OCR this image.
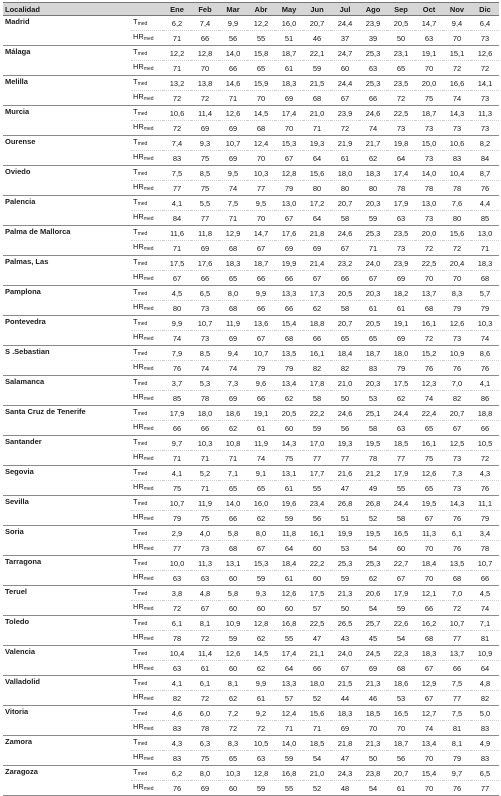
Localidad		Ene	Feb	Mar	Abr	May	Jun	Jul	Ago	Sep	Oct	Nov	Dic
Madrid	$T_{med}$	6,2	7,4	9,9	12,2	16,0	20,7	24,4	23,9	20,5	14,7	9,4	6,4
	$HR_{med}$	71	66	56	55	51	46	37	39	50	63	70	73
Málaga	$T_{med}$	12,2	12,8	14,0	15,8	18,7	22,1	24,7	25,3	23,1	19,1	15,1	12,6
	$HR_{med}$	71	70	66	65	61	59	60	63	65	70	72	72
Melilla	$T_{med}$	13,2	13,8	14,6	15,9	18,3	21,5	24,4	25,3	23,5	20,0	16,6	14,1
	$HR_{med}$	72	72	71	70	69	68	67	66	72	75	74	73
Murcia	$T_{med}$	10,6	11,4	12,6	14,5	17,4	21,0	23,9	24,6	22,5	18,7	14,3	11,3
	$HR_{med}$	72	69	69	68	70	71	72	74	73	73	73	73
Ourense	$T_{med}$	7,4	9,3	10,7	12,4	15,3	19,3	21,9	21,7	19,8	15,0	10,6	8,2
	$HR_{med}$	83	75	69	70	67	64	61	62	64	73	83	84
Oviedo	$T_{med}$	7,5	8,5	9,5	10,3	12,8	15,6	18,0	18,3	17,4	14,0	10,4	8,7
	$HR_{med}$	77	75	74	77	79	80	80	80	78	78	78	76
Palencia	$T_{med}$	4,1	5,5	7,5	9,5	13,0	17,2	20,7	20,3	17,9	13,0	7,6	4,4
	$HR_{med}$	84	77	71	70	67	64	58	59	63	73	80	85
Palma de Mallorca	$T_{med}$	11,6	11,8	12,9	14,7	17,6	21,8	24,6	25,3	23,5	20,0	15,6	13,0
	$HR_{med}$	71	69	68	67	69	69	67	71	73	72	72	71
Palmas, Las	$T_{med}$	17,5	17,6	18,3	18,7	19,9	21,4	23,2	24,0	23,9	22,5	20,4	18,3
	$HR_{med}$	67	66	65	66	66	67	66	67	69	70	70	68
Pamplona	$T_{med}$	4,5	6,5	8,0	9,9	13,3	17,3	20,5	20,3	18,2	13,7	8,3	5,7
	$HR_{med}$	80	73	68	66	66	62	58	61	61	68	79	79
Pontevedra	$T_{med}$	9,9	10,7	11,9	13,6	15,4	18,8	20,7	20,5	19,1	16,1	12,6	10,3
	$HR_{med}$	74	73	69	67	68	66	65	65	69	72	73	74
S .Sebastian	$T_{med}$	7,9	8,5	9,4	10,7	13,5	16,1	18,4	18,7	18,0	15,2	10,9	8,6
	$HR_{med}$	76	74	74	79	79	82	82	83	79	76	76	76
Salamanca	$T_{med}$	3,7	5,3	7,3	9,6	13,4	17,8	21,0	20,3	17,5	12,3	7,0	4,1
	$HR_{med}$	85	78	69	66	62	58	50	53	62	74	82	86
Santa Cruz de Tenerife	$T_{med}$	17,9	18,0	18,6	19,1	20,5	22,2	24,6	25,1	24,4	22,4	20,7	18,8
	$HR_{med}$	66	66	62	61	60	59	56	58	63	65	67	66
Santander	$T_{med}$	9,7	10,3	10,8	11,9	14,3	17,0	19,3	19,5	18,5	16,1	12,5	10,5
	$HR_{med}$	71	71	71	74	75	77	77	78	77	75	73	72
Segovia	$T_{med}$	4,1	5,2	7,1	9,1	13,1	17,7	21,6	21,2	17,9	12,6	7,3	4,3
	$HR_{med}$	75	71	65	65	61	55	47	49	55	65	73	76
Sevilla	$T_{med}$	10,7	11,9	14,0	16,0	19,6	23,4	26,8	26,8	24,4	19,5	14,3	11,1
	$HR_{med}$	79	75	66	62	59	56	51	52	58	67	76	79
Soria	$T_{med}$	2,9	4,0	5,8	8,0	11,8	16,1	19,9	19,5	16,5	11,3	6,1	3,4
	$HR_{med}$	77	73	68	67	64	60	53	54	60	70	76	78
Tarragona	$T_{med}$	10,0	11,3	13,1	15,3	18,4	22,2	25,3	25,3	22,7	18,4	13,5	10,7
	$HR_{med}$	63	63	60	59	61	60	59	62	67	70	68	66
Teruel	$T_{med}$	3,8	4,8	5,8	9,3	12,6	17,5	21,3	20,6	17,9	12,1	7,0	4,5
	$HR_{med}$	72	67	60	60	60	57	50	54	59	66	72	74
Toledo	$T_{med}$	6,1	8,1	10,9	12,8	16,8	22,5	26,5	25,7	22,6	16,2	10,7	7,1
	$HR_{med}$	78	72	59	62	55	47	43	45	54	68	77	81
Valencia	$T_{med}$	10,4	11,4	12,6	14,5	17,4	21,1	24,0	24,5	22,3	18,3	13,7	10,9
	$HR_{med}$	63	61	60	62	64	66	67	69	68	67	66	64
Valladolid	$T_{med}$	4,1	6,1	8,1	9,9	13,3	18,0	21,5	21,3	18,6	12,9	7,5	4,8
	$HR_{med}$	82	72	62	61	57	52	44	46	53	67	77	82
Vitoria	$T_{med}$	4,6	6,0	7,2	9,2	12,4	15,6	18,3	18,5	16,5	12,7	7,5	5,0
	$HR_{med}$	83	78	72	72	71	71	69	70	70	74	81	83
Zamora	$T_{med}$	4,3	6,3	8,3	10,5	14,0	18,5	21,8	21,3	18,7	13,4	8,1	4,9
	$HR_{med}$	83	75	65	63	59	54	47	50	56	70	79	83
Zaragoza	$T_{med}$	6,2	8,0	10,3	12,8	16,8	21,0	24,3	23,8	20,7	15,4	9,7	6,5
	$HR_{med}$	76	69	60	59	55	52	48	54	61	70	76	77
